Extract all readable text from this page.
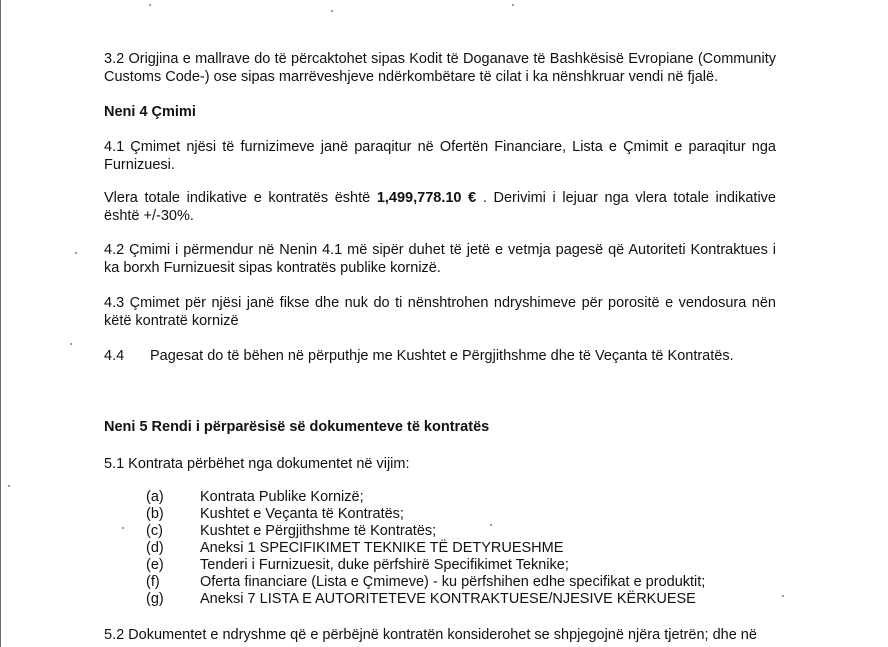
3.2 Origjina e mallrave do të përcaktohet sipas Kodit të Doganave të Bashkësisë Evropiane (Community Customs Code-) ose sipas marrëveshjeve ndërkombëtare të cilat i ka nënshkruar vendi në fjalë.

Neni 4 Çmimi

4.1 Çmimet njësi të furnizimeve janë paraqitur në Ofertën Financiare, Lista e Çmimit e paraqitur nga Furnizuesi.

Vlera totale indikative e kontratës është 1,499,778.10 € . Derivimi i lejuar nga vlera totale indikative është +/-30%.

4.2 Çmimi i përmendur në Nenin 4.1 më sipër duhet të jetë e vetmja pagesë që Autoriteti Kontraktues i ka borxh Furnizuesit sipas kontratës publike kornizë.

4.3 Çmimet për njësi janë fikse dhe nuk do ti nënshtrohen ndryshimeve për porositë e vendosura nën këtë kontratë kornizë

4.4 Pagesat do të bëhen në përputhje me Kushtet e Përgjithshme dhe të Veçanta të Kontratës.

Neni 5 Rendi i përparësisë së dokumenteve të kontratës

5.1 Kontrata përbëhet nga dokumentet në vijim:

(a)	Kontrata Publike Kornizë;
(b)	Kushtet e Veçanta të Kontratës;
(c)	Kushtet e Përgjithshme të Kontratës;
(d)	Aneksi 1 SPECIFIKIMET TEKNIKE TË DETYRUESHME
(e)	Tenderi i Furnizuesit, duke përfshirë Specifikimet Teknike;
(f)	Oferta financiare (Lista e Çmimeve) - ku përfshihen edhe specifikat e produktit;
(g)	Aneksi 7 LISTA E AUTORITETEVE KONTRAKTUESE/NJESIVE KËRKUESE

5.2 Dokumentet e ndryshme që e përbëjnë kontratën konsiderohet se shpjegojnë njëra tjetrën; dhe në
